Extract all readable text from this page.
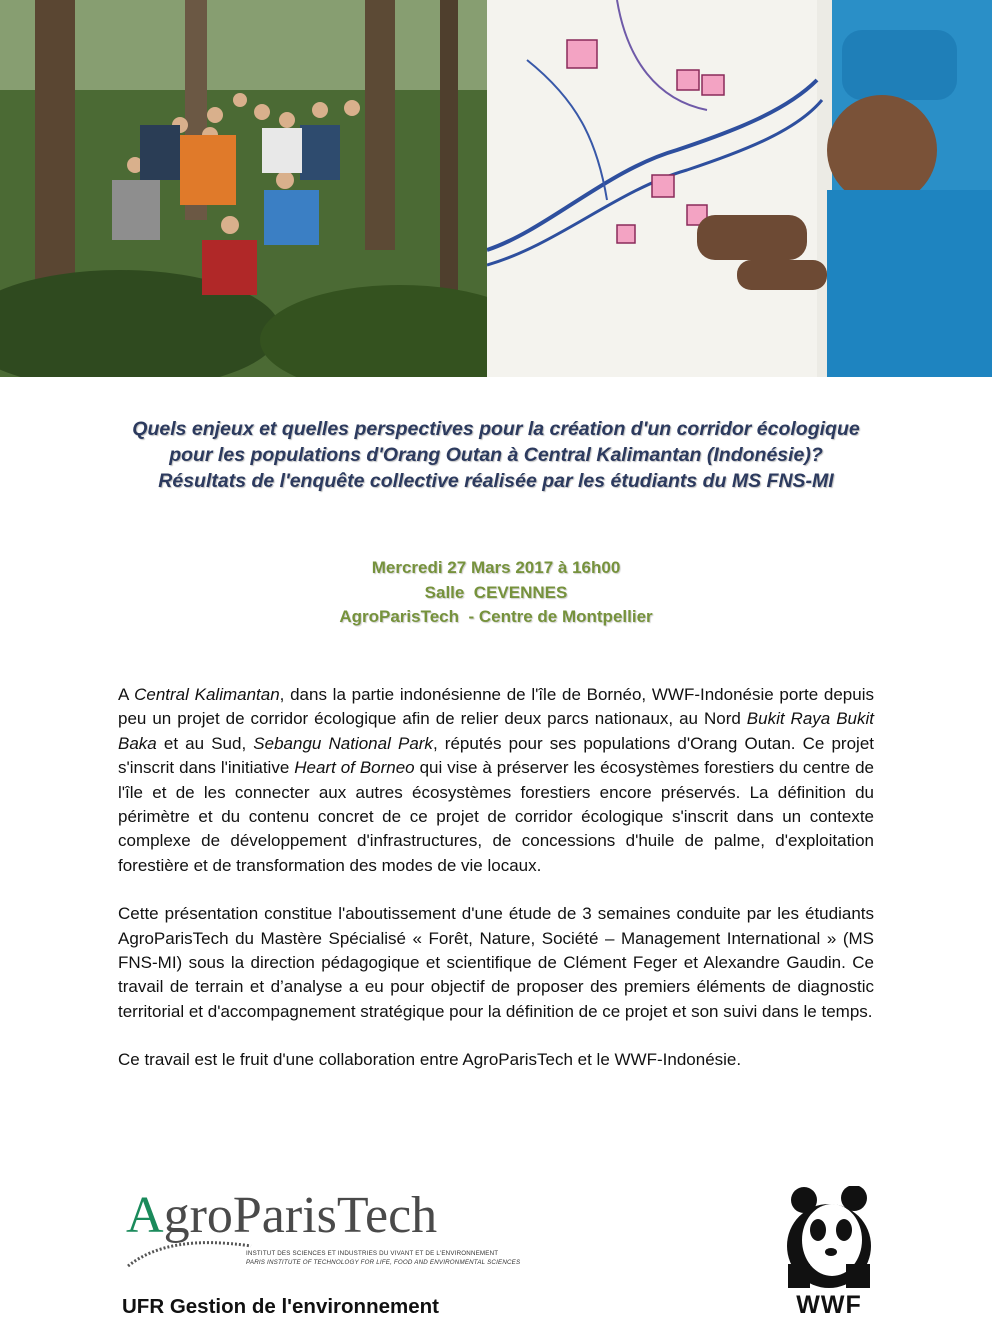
Quels enjeux et quelles perspectives pour la création d'un corridor écologique
pour les populations d'Orang Outan à Central Kalimantan (Indonésie)?
Résultats de l'enquête collective réalisée par les étudiants du MS FNS-MI
Mercredi 27 Mars 2017 à 16h00
Salle  CEVENNES
AgroParisTech  - Centre de Montpellier

A Central Kalimantan, dans la partie indonésienne de l'île de Bornéo, WWF-Indonésie porte depuis peu un projet de corridor écologique afin de relier deux parcs nationaux, au Nord Bukit Raya Bukit Baka et au Sud, Sebangu National Park, réputés pour ses populations d'Orang Outan. Ce projet s'inscrit dans l'initiative Heart of Borneo qui vise à préserver les écosystèmes forestiers du centre de l'île et de les connecter aux autres écosystèmes forestiers encore préservés. La définition du périmètre et du contenu concret de ce projet de corridor écologique s'inscrit dans un contexte complexe de développement d'infrastructures, de concessions d'huile de palme, d'exploitation forestière et de transformation des modes de vie locaux.

Cette présentation constitue l'aboutissement d'une étude de 3 semaines conduite par les étudiants AgroParisTech du Mastère Spécialisé « Forêt, Nature, Société – Management International » (MS FNS-MI) sous la direction pédagogique et scientifique de Clément Feger et Alexandre Gaudin. Ce travail de terrain et d’analyse a eu pour objectif de proposer des premiers éléments de diagnostic territorial et d'accompagnement stratégique pour la définition de ce projet et son suivi dans le temps.

Ce travail est le fruit d'une collaboration entre AgroParisTech et le WWF-Indonésie.

AgroParisTech
INSTITUT DES SCIENCES ET INDUSTRIES DU VIVANT ET DE L'ENVIRONNEMENT
PARIS INSTITUTE OF TECHNOLOGY FOR LIFE, FOOD AND ENVIRONMENTAL SCIENCES
UFR Gestion de l'environnement	WWF
